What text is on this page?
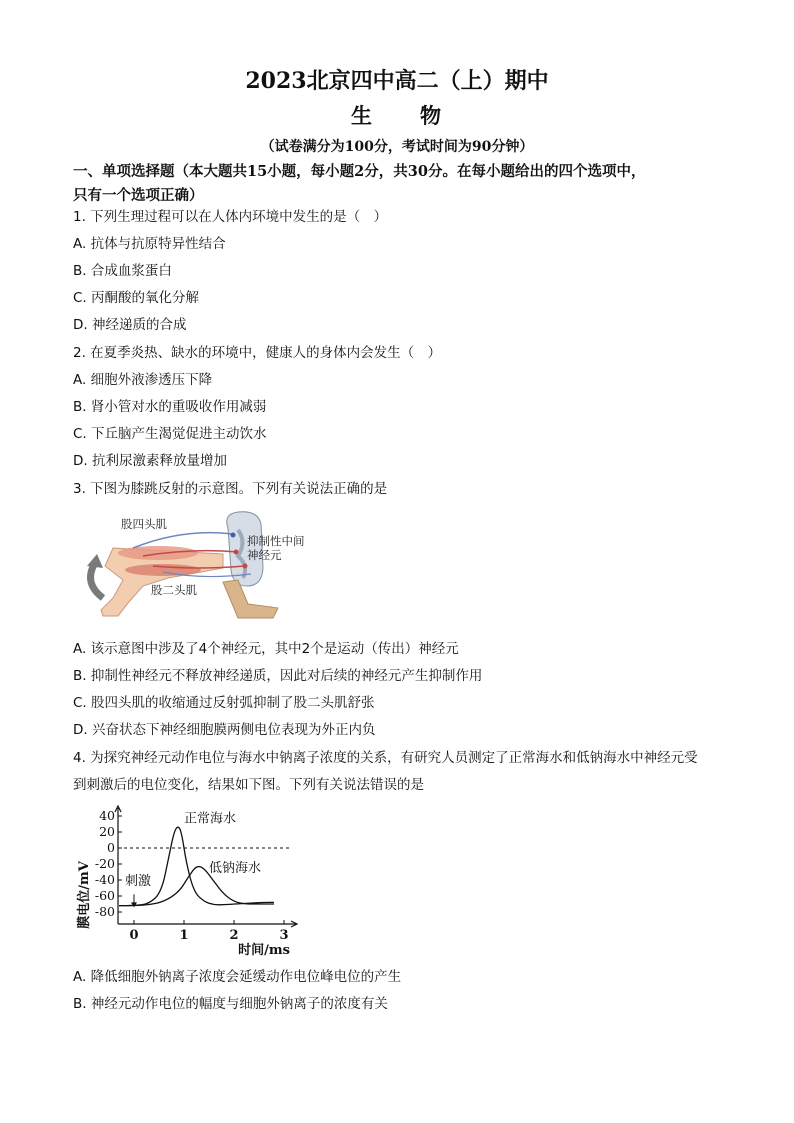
2023北京四中高二（上）期中
生　　物
（试卷满分为100分，考试时间为90分钟）
一、单项选择题（本大题共15小题，每小题2分，共30分。在每小题给出的四个选项中，
只有一个选项正确）
1. 下列生理过程可以在人体内环境中发生的是（　）
A. 抗体与抗原特异性结合
B. 合成血浆蛋白
C. 丙酮酸的氧化分解
D. 神经递质的合成
2. 在夏季炎热、缺水的环境中，健康人的身体内会发生（　）
A. 细胞外液渗透压下降
B. 肾小管对水的重吸收作用减弱
C. 下丘脑产生渴觉促进主动饮水
D. 抗利尿激素释放量增加
3. 下图为膝跳反射的示意图。下列有关说法正确的是
股四头肌
抑制性中间
神经元
股二头肌
A. 该示意图中涉及了4个神经元，其中2个是运动（传出）神经元
B. 抑制性神经元不释放神经递质，因此对后续的神经元产生抑制作用
C. 股四头肌的收缩通过反射弧抑制了股二头肌舒张
D. 兴奋状态下神经细胞膜两侧电位表现为外正内负
4. 为探究神经元动作电位与海水中钠离子浓度的关系，有研究人员测定了正常海水和低钠海水中神经元受
到刺激后的电位变化，结果如下图。下列有关说法错误的是
40
20
0
-20
-40
-60
-80
0	1	2	3
膜电位/mV
时间/ms
正常海水
低钠海水
刺激
A. 降低细胞外钠离子浓度会延缓动作电位峰电位的产生
B. 神经元动作电位的幅度与细胞外钠离子的浓度有关
